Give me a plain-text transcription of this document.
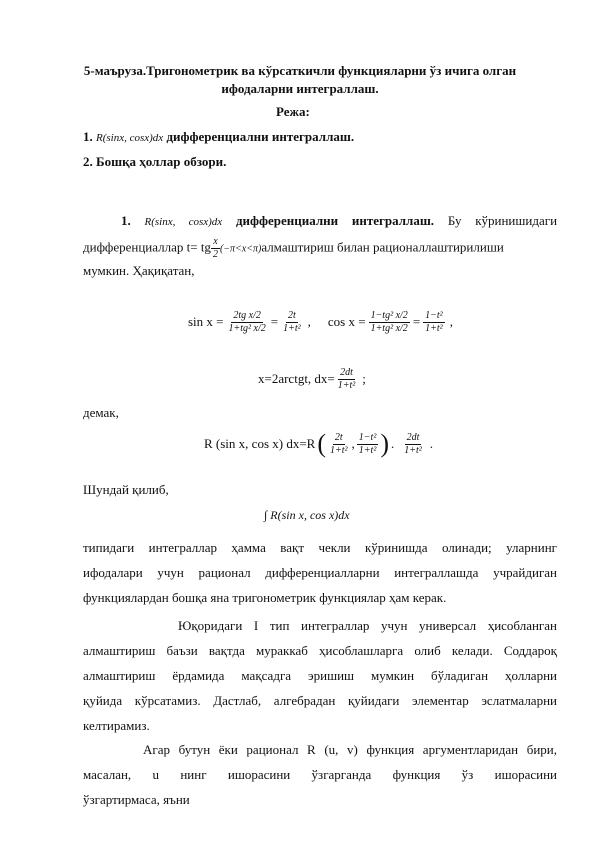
5-маъруза.Тригонометрик ва кўрсаткичли функцияларни ўз ичига олган
ифодаларни интеграллаш.
Режа:
1. R(sinx, cosx)dx дифференциални интеграллаш.
2. Бошқа ҳоллар обзори.
1. R(sinx, cosx)dx дифференциални интеграллаш. Бу кўринишидаги
дифференциаллар t= tg $\frac{x}{2}$ (−π<x<π)алмаштириш билан рационаллаштирилиши
мумкин. Ҳақиқатан,
$\sin x = \frac{\text{2tg x/2}}{\text{1+tg² x/2}} = \frac{2t}{\text{1+t²}}$ , $\cos x = \frac{\text{1−tg² x/2}}{\text{1+tg² x/2}} = \frac{\text{1−t²}}{\text{1+t²}}$ ,
x=2arctgt, $dx= \frac{2dt}{\text{1+t²}}$ ;
демак,
R (sin x, cos x) dx=R ( $\frac{2t}{\text{1+t²}}$ , $\frac{\text{1−t²}}{\text{1+t²}}$ ) . $\frac{2dt}{\text{1+t²}}$ .
Шундай қилиб,
∫ R(sin x, cos x)dx
типидаги интеграллар ҳамма вақт чекли кўринишда олинади; уларнинг
ифодалари учун рационал дифференциалларни интеграллашда учрайдиган
функциялардан бошқа яна тригонометрик функциялар ҳам керак.
Юқоридаги I тип интеграллар учун универсал ҳисобланган
алмаштириш баъзи вақтда мураккаб ҳисоблашларга олиб келади. Соддароқ
алмаштириш ёрдамида мақсадга эришиш мумкин бўладиган ҳолларни
қуйида кўрсатамиз. Дастлаб, алгебрадан қуйидаги элементар эслатмаларни
келтирамиз.
Агар бутун ёки рационал R (u, v) функция аргументларидан бири,
масалан, u нинг ишорасини ўзгарганда функция ўз ишорасини
ўзгартирмаса, яъни
